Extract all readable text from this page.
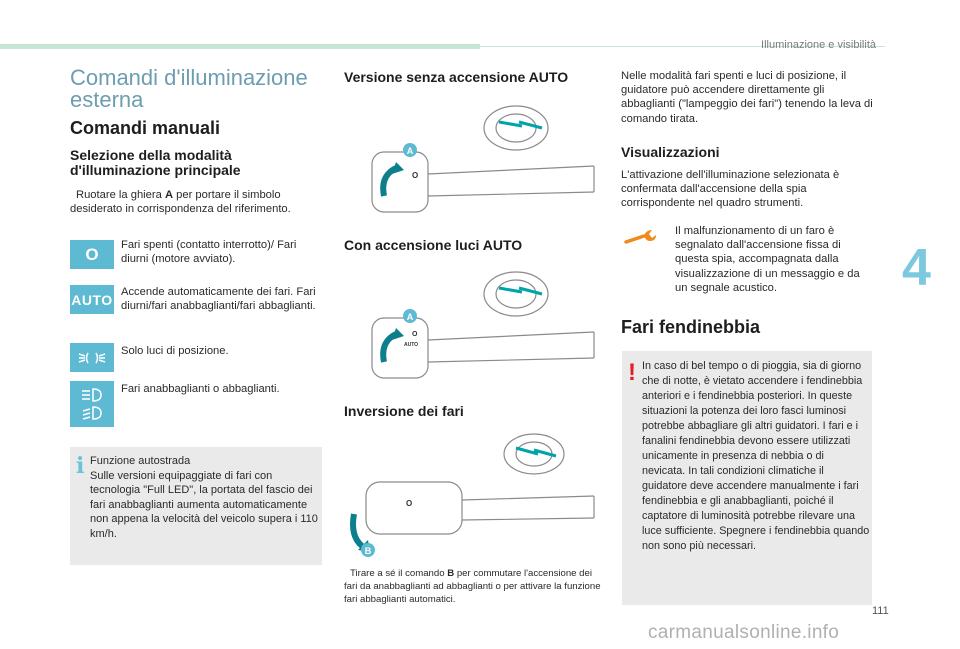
Illuminazione e visibilità
Comandi d'illuminazione esterna
Comandi manuali
Selezione della modalità d'illuminazione principale
Ruotare la ghiera A per portare il simbolo desiderato in corrispondenza del riferimento.
O	Fari spenti (contatto interrotto)/ Fari diurni (motore avviato).
AUTO Accende automaticamente dei fari. Fari diurni/fari anabbaglianti/fari abbaglianti.
Solo luci di posizione.
Fari anabbaglianti o abbaglianti.
i Funzione autostrada
Sulle versioni equipaggiate di fari con tecnologia "Full LED", la portata del fascio dei fari anabbaglianti aumenta automaticamente non appena la velocità del veicolo supera i 110 km/h.
Versione senza accensione AUTO
A
O
Con accensione luci AUTO
A
O
AUTO
Inversione dei fari
B
O
Tirare a sé il comando B per commutare l'accensione dei fari da anabbaglianti ad abbaglianti o per attivare la funzione fari abbaglianti automatici.
Nelle modalità fari spenti e luci di posizione, il guidatore può accendere direttamente gli abbaglianti ("lampeggio dei fari") tenendo la leva di comando tirata.
Visualizzazioni
L'attivazione dell'illuminazione selezionata è confermata dall'accensione della spia corrispondente nel quadro strumenti.
Il malfunzionamento di un faro è segnalato dall'accensione fissa di questa spia, accompagnata dalla visualizzazione di un messaggio e da un segnale acustico.
Fari fendinebbia
! In caso di bel tempo o di pioggia, sia di giorno che di notte, è vietato accendere i fendinebbia anteriori e i fendinebbia posteriori. In queste situazioni la potenza dei loro fasci luminosi potrebbe abbagliare gli altri guidatori. I fari e i fanalini fendinebbia devono essere utilizzati unicamente in presenza di nebbia o di nevicata. In tali condizioni climatiche il guidatore deve accendere manualmente i fari fendinebbia e gli anabbaglianti, poiché il captatore di luminosità potrebbe rilevare una luce sufficiente. Spegnere i fendinebbia quando non sono più necessari.
4
111
carmanualsonline.info
